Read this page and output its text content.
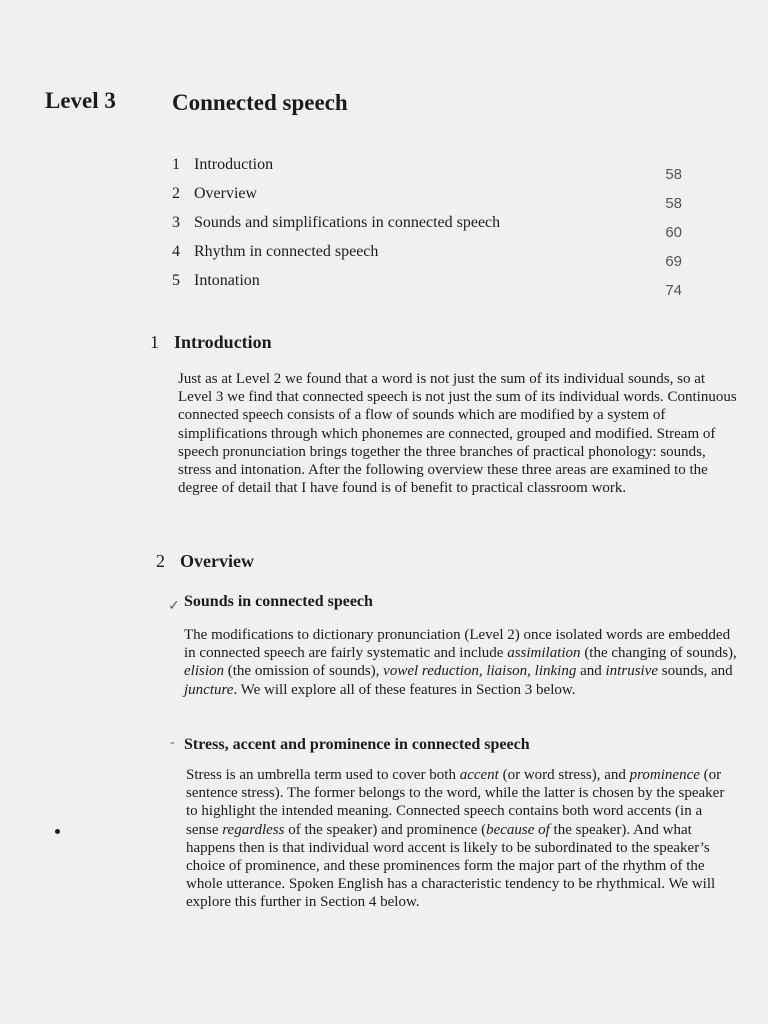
Level 3 Connected speech
1 Introduction
58
2 Overview
58
3 Sounds and simplifications in connected speech
60
4 Rhythm in connected speech
69
5 Intonation
74
1 Introduction
Just as at Level 2 we found that a word is not just the sum of its individual sounds, so at Level 3 we find that connected speech is not just the sum of its individual words. Continuous connected speech consists of a flow of sounds which are modified by a system of simplifications through which phonemes are connected, grouped and modified. Stream of speech pronunciation brings together the three branches of practical phonology: sounds, stress and intonation. After the following overview these three areas are examined to the degree of detail that I have found is of benefit to practical classroom work.
2 Overview
✓ Sounds in connected speech
The modifications to dictionary pronunciation (Level 2) once isolated words are embedded in connected speech are fairly systematic and include assimilation (the changing of sounds), elision (the omission of sounds), vowel reduction, liaison, linking and intrusive sounds, and juncture. We will explore all of these features in Section 3 below.
- Stress, accent and prominence in connected speech
Stress is an umbrella term used to cover both accent (or word stress), and prominence (or sentence stress). The former belongs to the word, while the latter is chosen by the speaker to highlight the intended meaning. Connected speech contains both word accents (in a sense regardless of the speaker) and prominence (because of the speaker). And what happens then is that individual word accent is likely to be subordinated to the speaker’s choice of prominence, and these prominences form the major part of the rhythm of the whole utterance. Spoken English has a characteristic tendency to be rhythmical. We will explore this further in Section 4 below.
